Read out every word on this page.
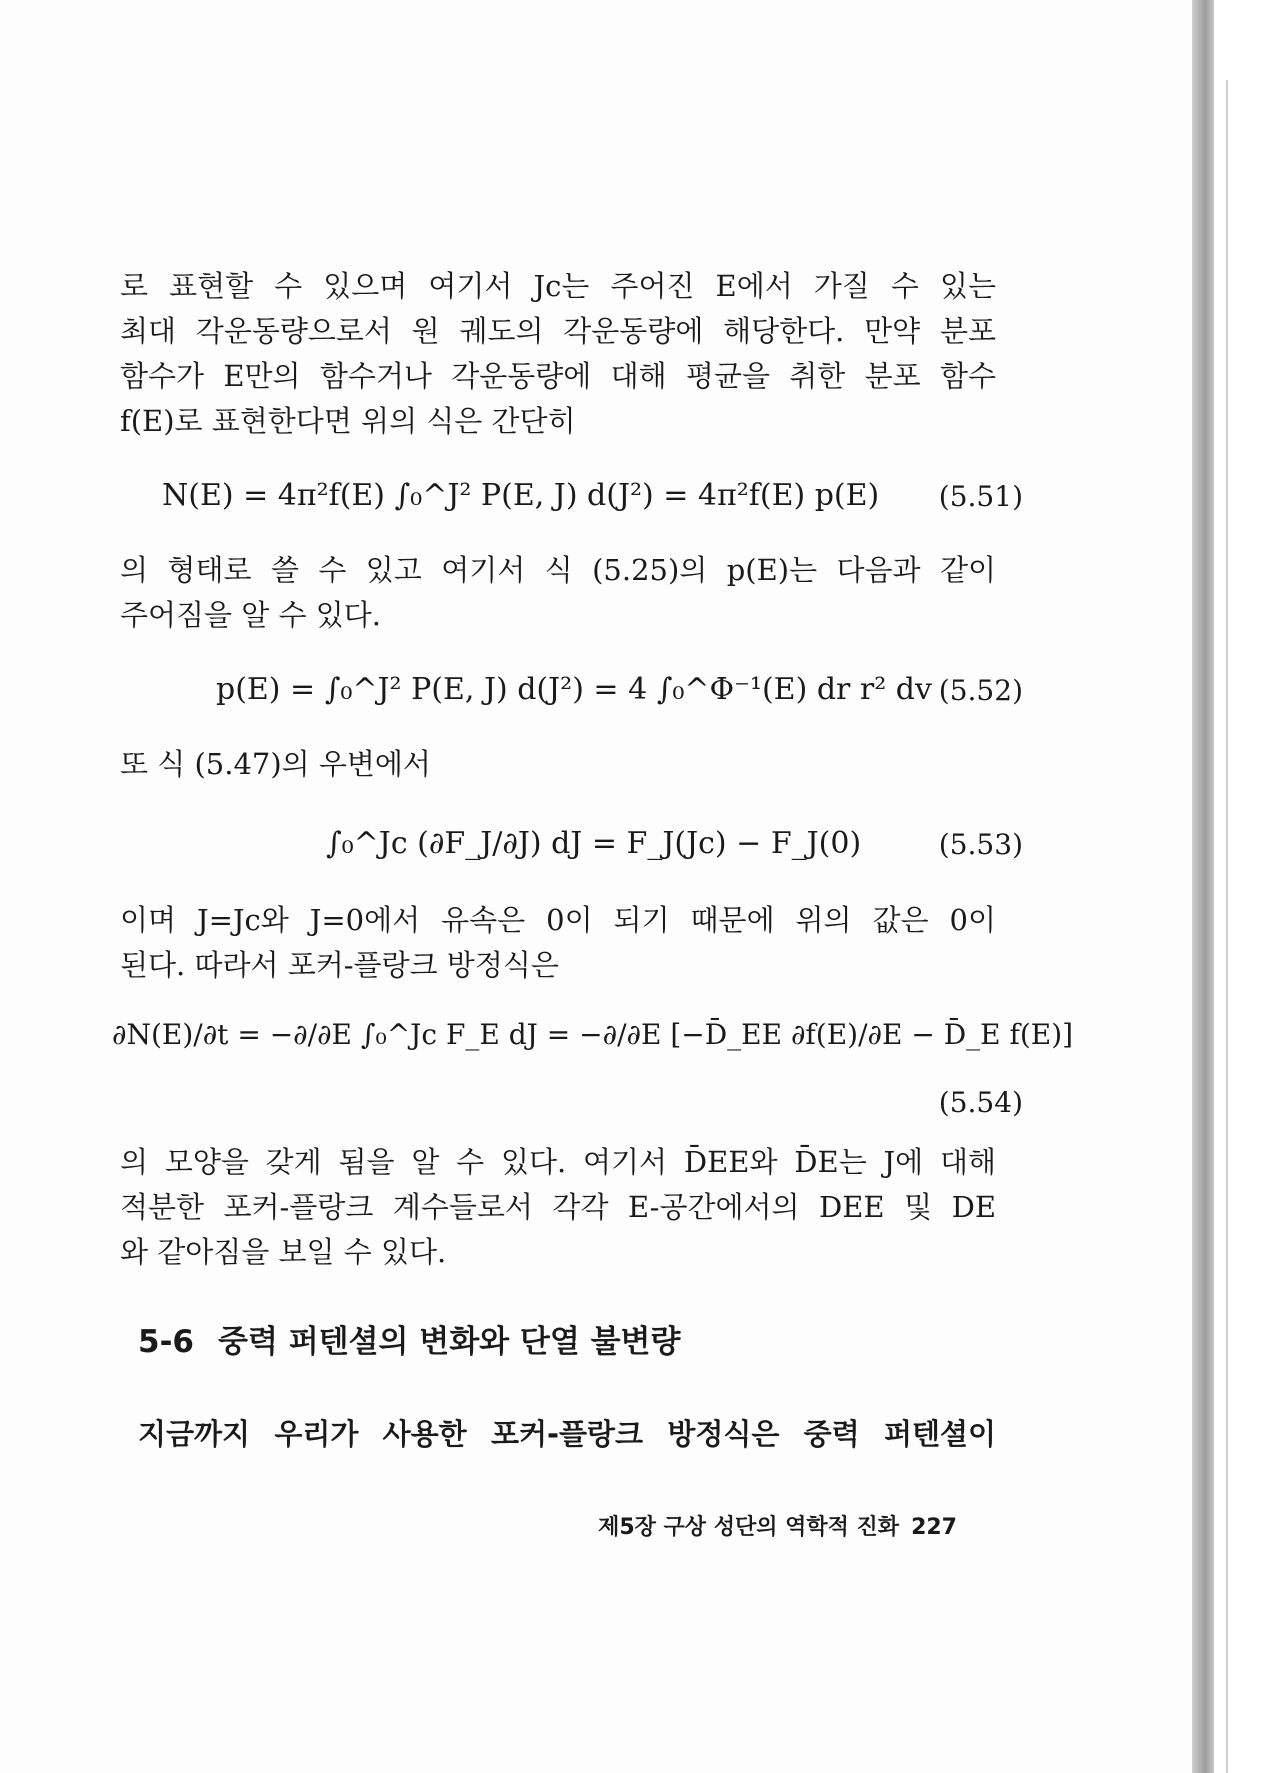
로 표현할 수 있으며 여기서 Jc는 주어진 E에서 가질 수 있는
최대 각운동량으로서 원 궤도의 각운동량에 해당한다. 만약 분포
함수가 E만의 함수거나 각운동량에 대해 평균을 취한 분포 함수
f(E)로 표현한다면 위의 식은 간단히
N(E) = 4π²f(E) ∫₀^J² P(E, J) d(J²) = 4π²f(E) p(E) (5.51)
의 형태로 쓸 수 있고 여기서 식 (5.25)의 p(E)는 다음과 같이
주어짐을 알 수 있다.
p(E) = ∫₀^J² P(E, J) d(J²) = 4 ∫₀^Φ⁻¹(E) dr r² dv (5.52)
또 식 (5.47)의 우변에서
∫₀^Jc (∂F_J/∂J) dJ = F_J(Jc) − F_J(0)	(5.53)
이며 J=Jc와 J=0에서 유속은 0이 되기 때문에 위의 값은 0이
된다. 따라서 포커-플랑크 방정식은
∂N(E)/∂t = −∂/∂E ∫₀^Jc F_E dJ = −∂/∂E [−D̄_EE ∂f(E)/∂E − D̄_E f(E)]
(5.54)
의 모양을 갖게 됨을 알 수 있다. 여기서 D̄EE와 D̄E는 J에 대해
적분한 포커-플랑크 계수들로서 각각 E-공간에서의 DEE 및 DE
와 같아짐을 보일 수 있다.
5-6 중력 퍼텐셜의 변화와 단열 불변량
지금까지 우리가 사용한 포커-플랑크 방정식은 중력 퍼텐셜이
제5장 구상 성단의 역학적 진화 227
